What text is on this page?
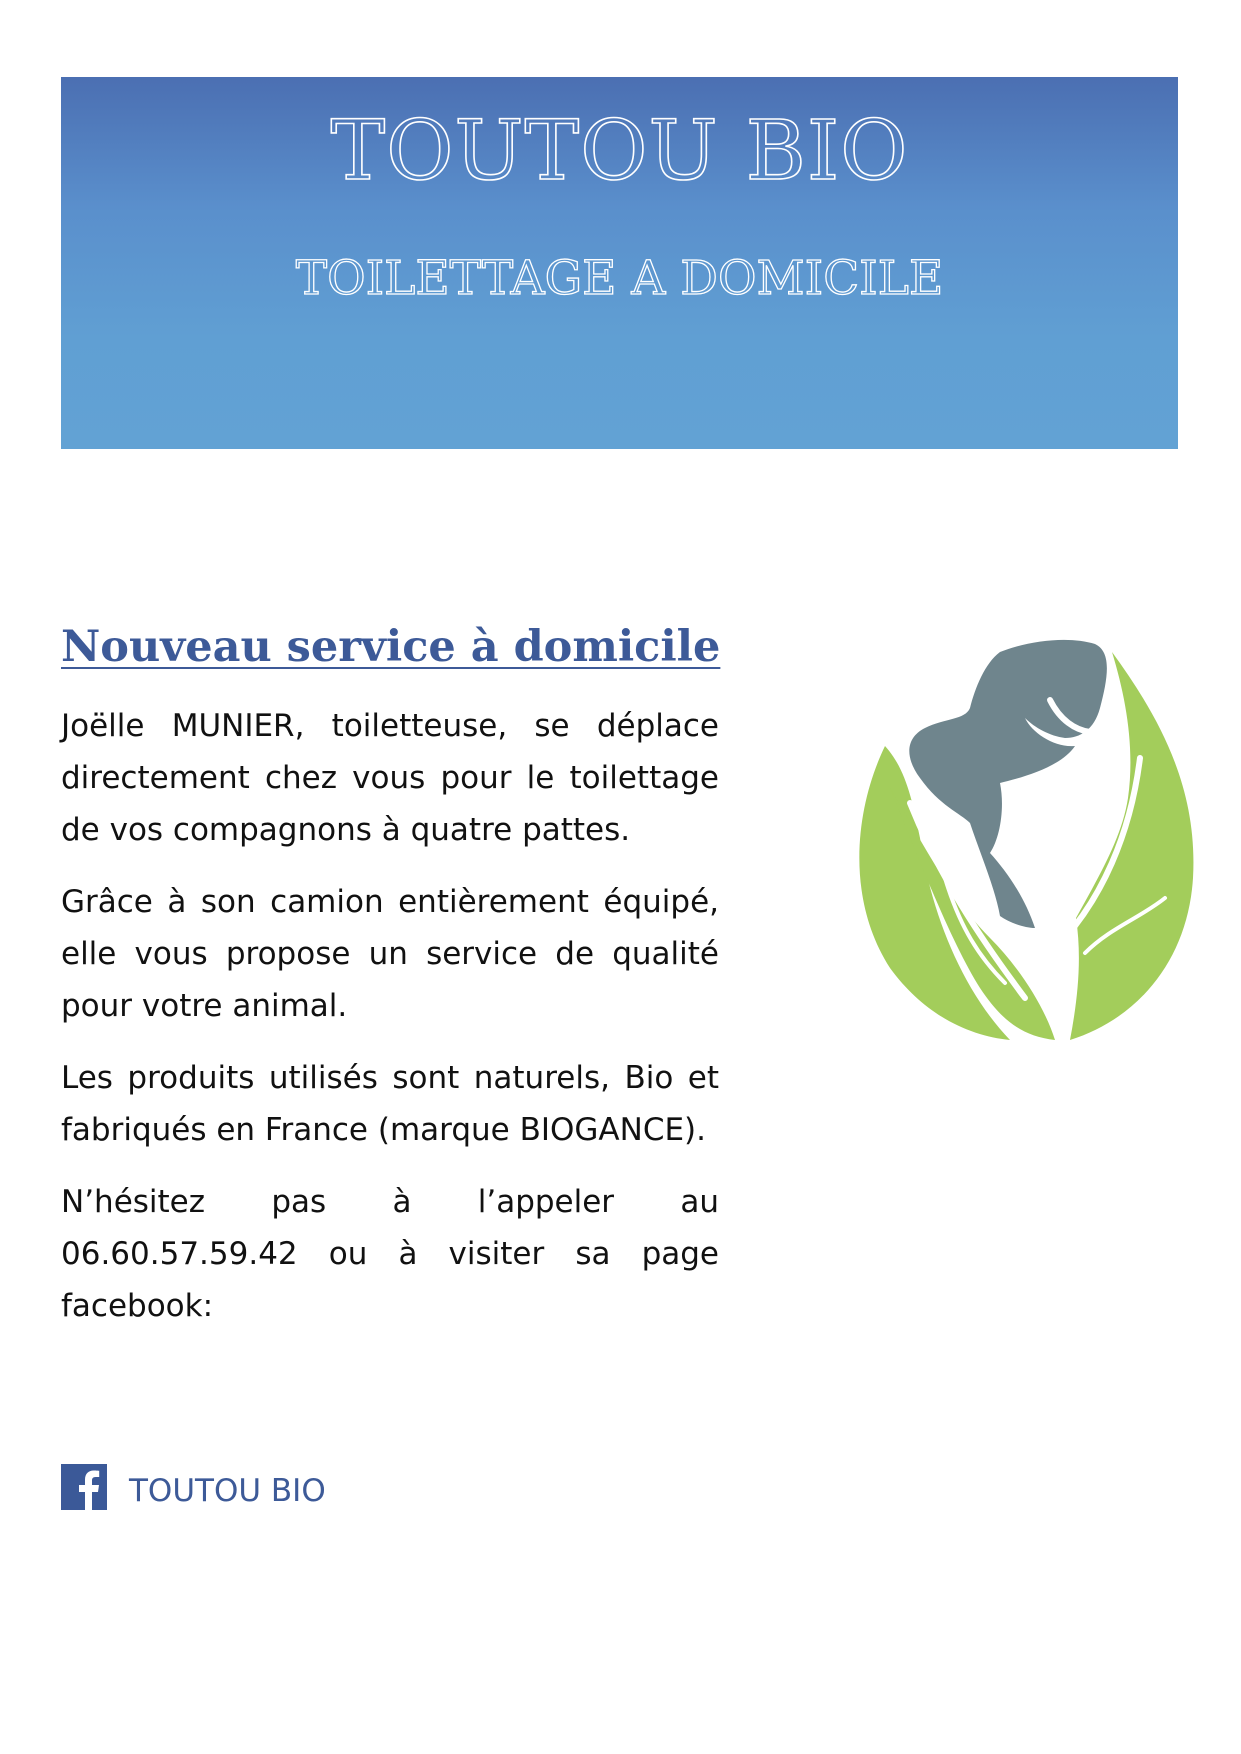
TOUTOU BIO
TOILETTAGE A DOMICILE
Nouveau service à domicile

Joëlle MUNIER, toiletteuse, se déplace directement chez vous pour le toilettage de vos compagnons à quatre pattes.

Grâce à son camion entièrement équipé, elle vous propose un service de qualité pour votre animal.

Les produits utilisés sont naturels, Bio et fabriqués en France (marque BIOGANCE).

N’hésitez pas à l’appeler au 06.60.57.59.42 ou à visiter sa page facebook:

TOUTOU BIO
